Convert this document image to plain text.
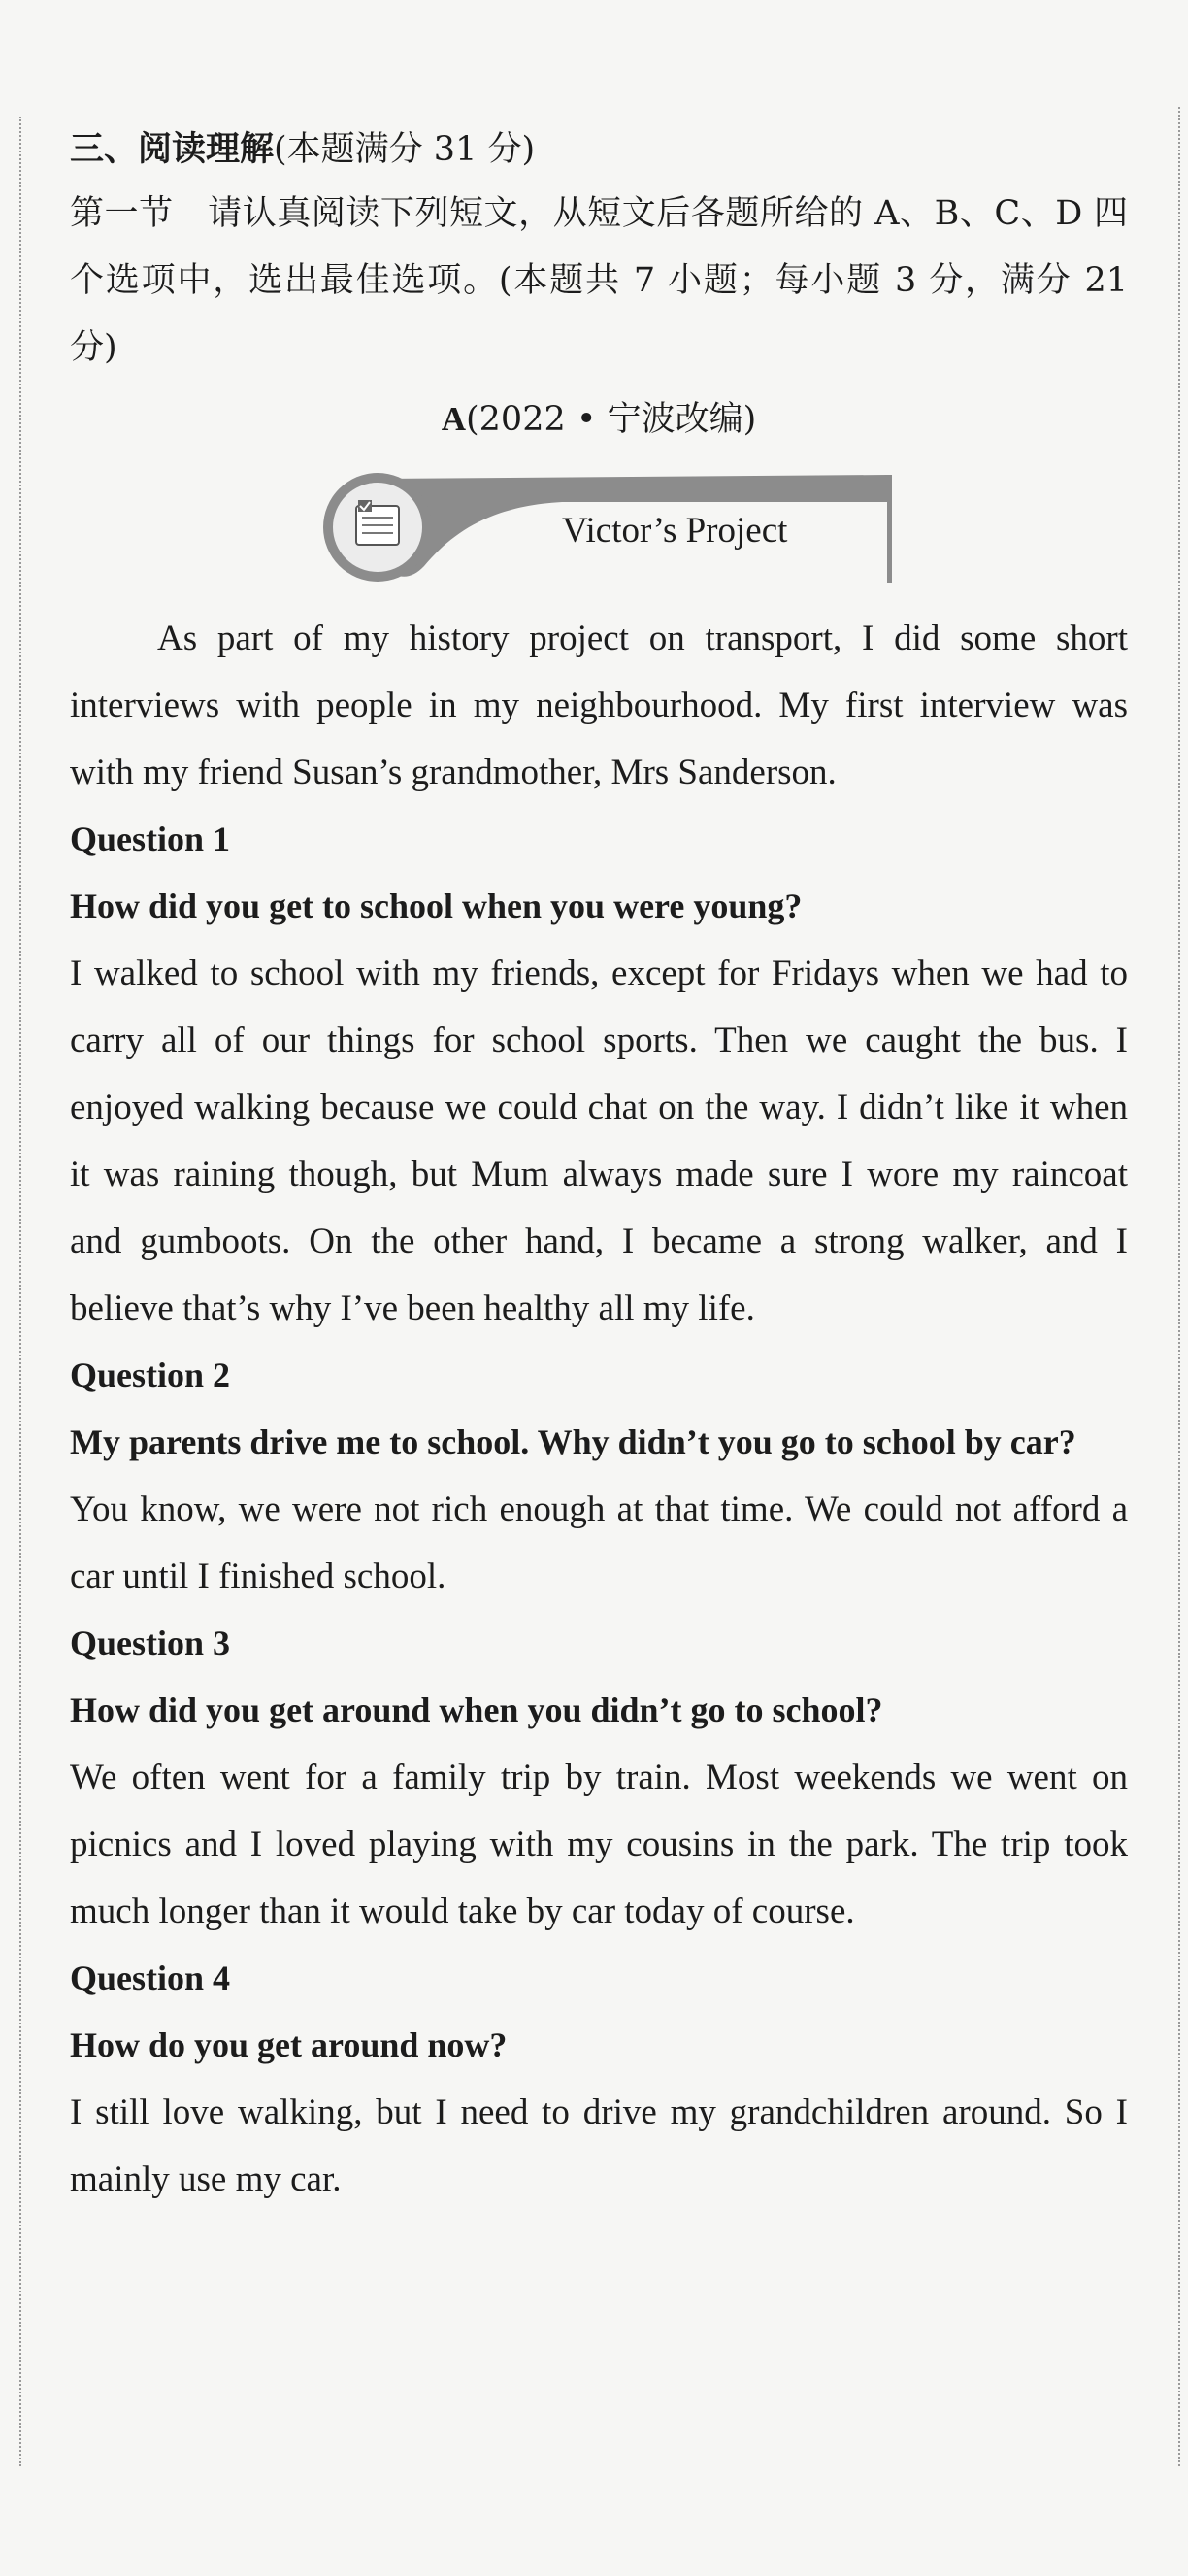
三、阅读理解(本题满分 31 分)

第一节　请认真阅读下列短文，从短文后各题所给的 A、B、C、D 四个选项中，选出最佳选项。(本题共 7 小题；每小题 3 分，满分 21 分)

A(2022 • 宁波改编)
Victor’s Project

As part of my history project on transport, I did some short interviews with people in my neighbourhood. My first interview was with my friend Susan’s grandmother, Mrs Sanderson.

Question 1

How did you get to school when you were young?

I walked to school with my friends, except for Fridays when we had to carry all of our things for school sports. Then we caught the bus. I enjoyed walking because we could chat on the way. I didn’t like it when it was raining though, but Mum always made sure I wore my raincoat and gumboots. On the other hand, I became a strong walker, and I believe that’s why I’ve been healthy all my life.

Question 2

My parents drive me to school. Why didn’t you go to school by car?

You know, we were not rich enough at that time. We could not afford a car until I finished school.

Question 3

How did you get around when you didn’t go to school?

We often went for a family trip by train. Most weekends we went on picnics and I loved playing with my cousins in the park. The trip took much longer than it would take by car today of course.

Question 4

How do you get around now?

I still love walking, but I need to drive my grandchildren around. So I mainly use my car.
